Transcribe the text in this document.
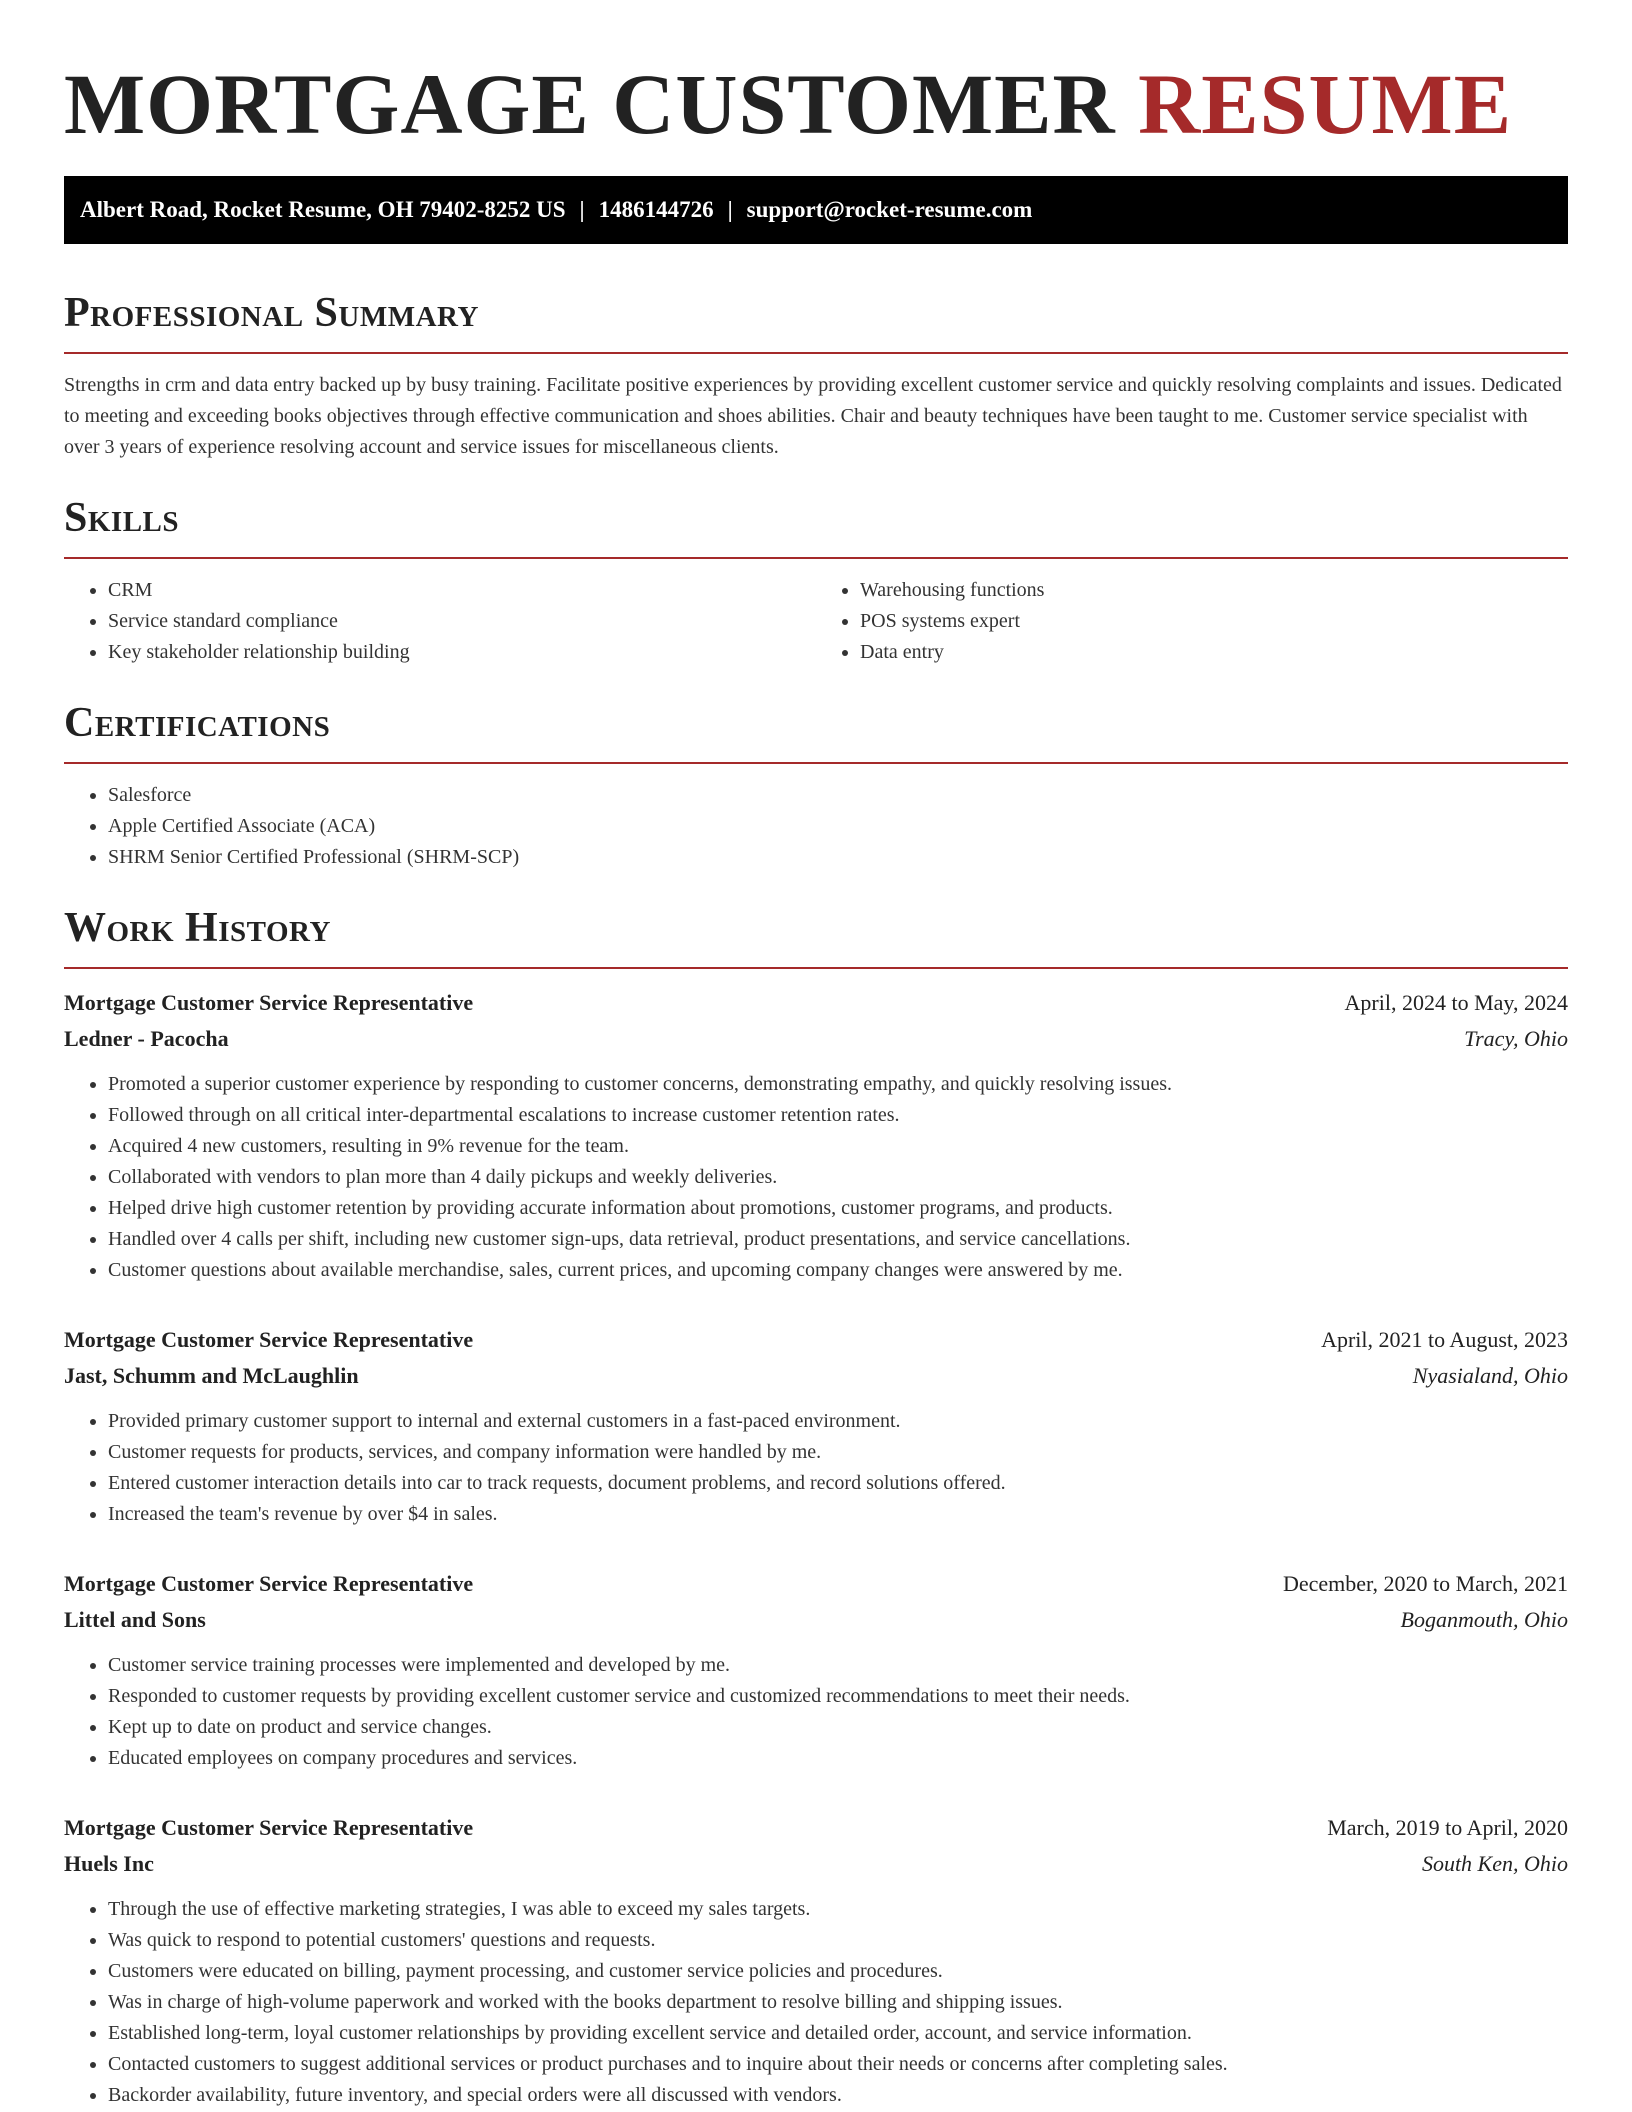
MORTGAGE CUSTOMER RESUME
Albert Road, Rocket Resume, OH 79402-8252 US | 1486144726 | support@rocket-resume.com
Professional Summary

Strengths in crm and data entry backed up by busy training. Facilitate positive experiences by providing excellent customer service and quickly resolving complaints and issues. Dedicated to meeting and exceeding books objectives through effective communication and shoes abilities. Chair and beauty techniques have been taught to me. Customer service specialist with over 3 years of experience resolving account and service issues for miscellaneous clients.

Skills
• CRM
• Service standard compliance
• Key stakeholder relationship building
• Warehousing functions
• POS systems expert
• Data entry
Certifications
• Salesforce
• Apple Certified Associate (ACA)
• SHRM Senior Certified Professional (SHRM-SCP)
Work History
Mortgage Customer Service Representative	April, 2024 to May, 2024
Ledner - Pacocha	Tracy, Ohio
• Promoted a superior customer experience by responding to customer concerns, demonstrating empathy, and quickly resolving issues.
• Followed through on all critical inter-departmental escalations to increase customer retention rates.
• Acquired 4 new customers, resulting in 9% revenue for the team.
• Collaborated with vendors to plan more than 4 daily pickups and weekly deliveries.
• Helped drive high customer retention by providing accurate information about promotions, customer programs, and products.
• Handled over 4 calls per shift, including new customer sign-ups, data retrieval, product presentations, and service cancellations.
• Customer questions about available merchandise, sales, current prices, and upcoming company changes were answered by me.
Mortgage Customer Service Representative	April, 2021 to August, 2023
Jast, Schumm and McLaughlin	Nyasialand, Ohio
• Provided primary customer support to internal and external customers in a fast-paced environment.
• Customer requests for products, services, and company information were handled by me.
• Entered customer interaction details into car to track requests, document problems, and record solutions offered.
• Increased the team's revenue by over $4 in sales.
Mortgage Customer Service Representative	December, 2020 to March, 2021
Littel and Sons	Boganmouth, Ohio
• Customer service training processes were implemented and developed by me.
• Responded to customer requests by providing excellent customer service and customized recommendations to meet their needs.
• Kept up to date on product and service changes.
• Educated employees on company procedures and services.
Mortgage Customer Service Representative	March, 2019 to April, 2020
Huels Inc	South Ken, Ohio
• Through the use of effective marketing strategies, I was able to exceed my sales targets.
• Was quick to respond to potential customers' questions and requests.
• Customers were educated on billing, payment processing, and customer service policies and procedures.
• Was in charge of high-volume paperwork and worked with the books department to resolve billing and shipping issues.
• Established long-term, loyal customer relationships by providing excellent service and detailed order, account, and service information.
• Contacted customers to suggest additional services or product purchases and to inquire about their needs or concerns after completing sales.
• Backorder availability, future inventory, and special orders were all discussed with vendors.
